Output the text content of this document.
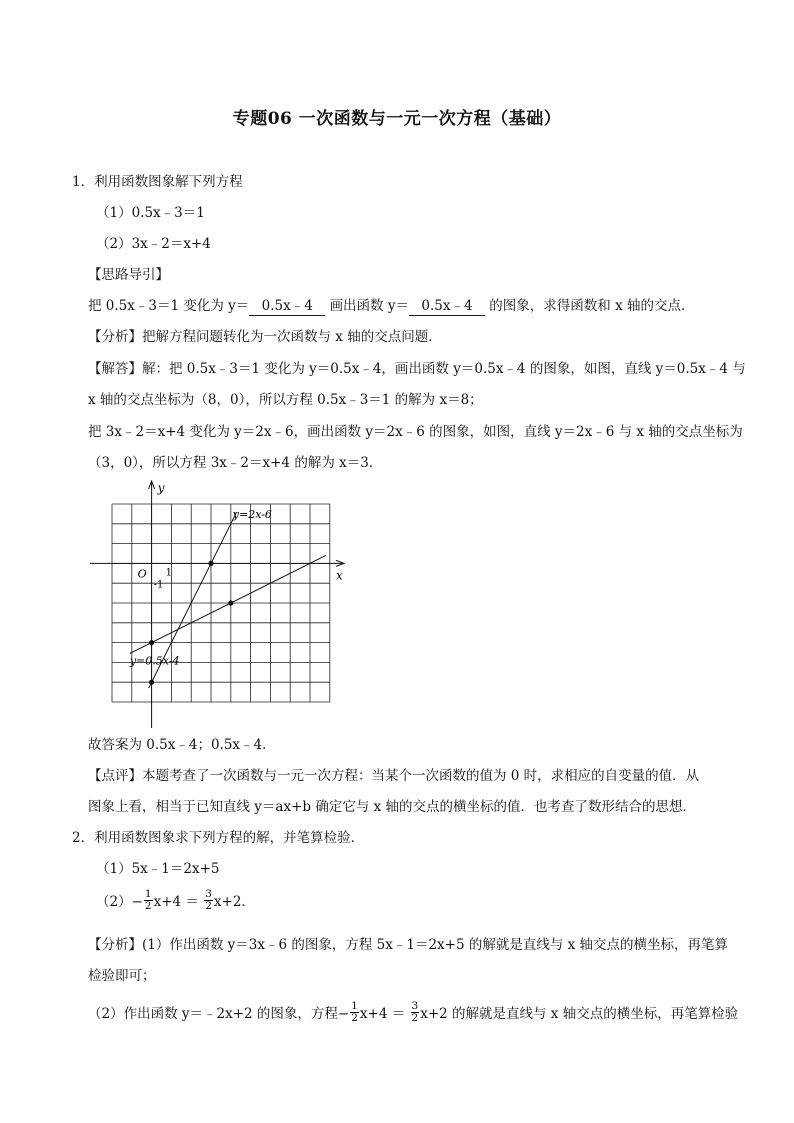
专题06 一次函数与一元一次方程（基础）
1．利用函数图象解下列方程
（1）0.5x﹣3＝1
（2）3x﹣2＝x+4
【思路导引】
把 0.5x﹣3＝1 变化为 y＝ 0.5x﹣4 画出函数 y＝ 0.5x﹣4 的图象，求得函数和 x 轴的交点．
【分析】把解方程问题转化为一次函数与 x 轴的交点问题．
【解答】解：把 0.5x﹣3＝1 变化为 y＝0.5x﹣4，画出函数 y＝0.5x﹣4 的图象，如图，直线 y＝0.5x﹣4 与
x 轴的交点坐标为（8，0），所以方程 0.5x﹣3＝1 的解为 x＝8；
把 3x﹣2＝x+4 变化为 y＝2x﹣6，画出函数 y＝2x﹣6 的图象，如图，直线 y＝2x﹣6 与 x 轴的交点坐标为
（3，0），所以方程 3x﹣2＝x+4 的解为 x＝3．
y
x
O 1
-1
y=2x-6
y=0.5x-4
故答案为 0.5x﹣4；0.5x﹣4．
【点评】本题考查了一次函数与一元一次方程：当某个一次函数的值为 0 时，求相应的自变量的值．从
图象上看，相当于已知直线 y＝ax+b 确定它与 x 轴的交点的横坐标的值．也考查了数形结合的思想．
2．利用函数图象求下列方程的解，并笔算检验．
（1）5x﹣1＝2x+5
$(2)- \frac{1}{2} x+4 = \frac{3}{2} x+2$．
【分析】(1）作出函数 y＝3x﹣6 的图象，方程 5x﹣1＝2x+5 的解就是直线与 x 轴交点的横坐标，再笔算
检验即可；
（2）作出函数 y＝﹣2x+2 的图象，方程− $\frac{1}{2} x+4 = \frac{3}{2} x+2$ 的解就是直线与 x 轴交点的横坐标，再笔算检验
